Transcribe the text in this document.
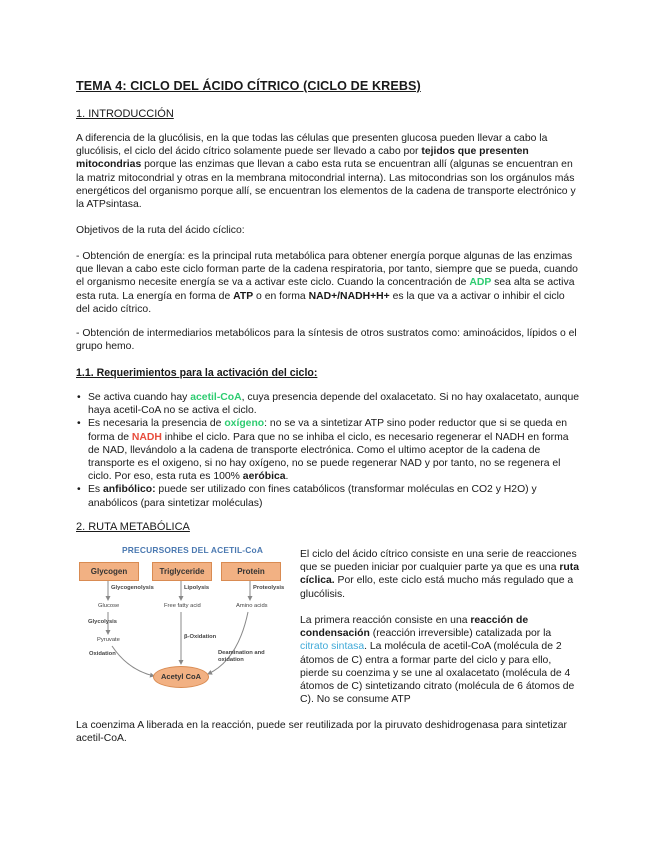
TEMA 4: CICLO DEL ÁCIDO CÍTRICO (CICLO DE KREBS)
1. INTRODUCCIÓN

A diferencia de la glucólisis, en la que todas las células que presenten glucosa pueden llevar a cabo la glucólisis, el ciclo del ácido cítrico solamente puede ser llevado a cabo por tejidos que presenten mitocondrias porque las enzimas que llevan a cabo esta ruta se encuentran allí (algunas se encuentran en la matriz mitocondrial y otras en la membrana mitocondrial interna). Las mitocondrias son los orgánulos más energéticos del organismo porque allí, se encuentran los elementos de la cadena de transporte electrónico y la ATPsintasa.

Objetivos de la ruta del ácido cíclico:

- Obtención de energía: es la principal ruta metabólica para obtener energía porque algunas de las enzimas que llevan a cabo este ciclo forman parte de la cadena respiratoria, por tanto, siempre que se pueda, cuando el organismo necesite energía se va a activar este ciclo. Cuando la concentración de ADP sea alta se activa esta ruta. La energía en forma de ATP o en forma NAD+/NADH+H+ es la que va a activar o inhibir el ciclo del acido cítrico.

- Obtención de intermediarios metabólicos para la síntesis de otros sustratos como: aminoácidos, lípidos o el grupo hemo.

1.1. Requerimientos para la activación del ciclo:
• Se activa cuando hay acetil-CoA, cuya presencia depende del oxalacetato. Si no hay oxalacetato, aunque haya acetil-CoA no se activa el ciclo.
• Es necesaria la presencia de oxígeno: no se va a sintetizar ATP sino poder reductor que si se queda en forma de NADH inhibe el ciclo. Para que no se inhiba el ciclo, es necesario regenerar el NADH en forma de NAD, llevándolo a la cadena de transporte electrónica. Como el ultimo aceptor de la cadena de transporte es el oxigeno, si no hay oxígeno, no se puede regenerar NAD y por tanto, no se regenera el ciclo. Por eso, esta ruta es 100% aeróbica.
• Es anfibólico: puede ser utilizado con fines catabólicos (transformar moléculas en CO2 y H2O) y anabólicos (para sintetizar moléculas)
2. RUTA METABÓLICA
PRECURSORES DEL ACETIL-CoA
Glycogen	Triglyceride	Protein
Glycogenolysis	Lipolysis	Proteolysis
Glucose	Free fatty acid	Amino acids
Glycolysis
Pyruvate
Oxidation
β-Oxidation
Deamination and oxidation
Acetyl CoA

El ciclo del ácido cítrico consiste en una serie de reacciones que se pueden iniciar por cualquier parte ya que es una ruta cíclica. Por ello, este ciclo está mucho más regulado que a glucólisis.

La primera reacción consiste en una reacción de condensación (reacción irreversible) catalizada por la citrato sintasa. La molécula de acetil-CoA (molécula de 2 átomos de C) entra a formar parte del ciclo y para ello, pierde su coenzima y se une al oxalacetato (molécula de 4 átomos de C) sintetizando citrato (molécula de 6 átomos de C). No se consume ATP

La coenzima A liberada en la reacción, puede ser reutilizada por la piruvato deshidrogenasa para sintetizar acetil-CoA.
